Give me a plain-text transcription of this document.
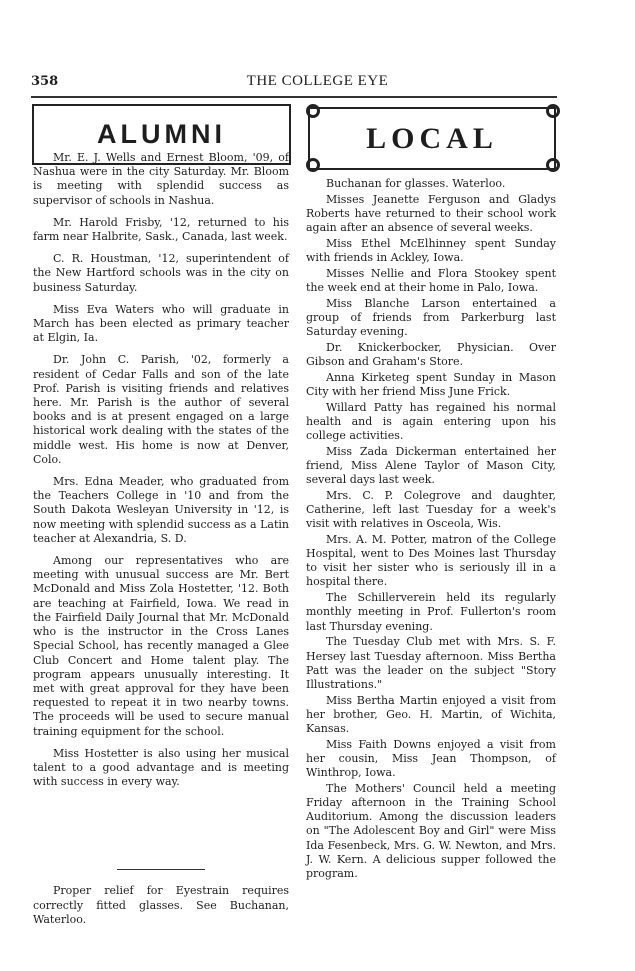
358	THE COLLEGE EYE
ALUMNI	LOCAL

Mr. E. J. Wells and Ernest Bloom, '09, of Nashua were in the city Saturday. Mr. Bloom is meeting with splendid success as supervisor of schools in Nashua.

Mr. Harold Frisby, '12, returned to his farm near Halbrite, Sask., Canada, last week.

C. R. Houstman, '12, superintendent of the New Hartford schools was in the city on business Saturday.

Miss Eva Waters who will graduate in March has been elected as primary teacher at Elgin, Ia.

Dr. John C. Parish, '02, formerly a resident of Cedar Falls and son of the late Prof. Parish is visiting friends and relatives here. Mr. Parish is the author of several books and is at present engaged on a large historical work dealing with the states of the middle west. His home is now at Denver, Colo.

Mrs. Edna Meader, who graduated from the Teachers College in '10 and from the South Dakota Wesleyan University in '12, is now meeting with splendid success as a Latin teacher at Alexandria, S. D.

Among our representatives who are meeting with unusual success are Mr. Bert McDonald and Miss Zola Hostetter, '12. Both are teaching at Fairfield, Iowa. We read in the Fairfield Daily Journal that Mr. McDonald who is the instructor in the Cross Lanes Special School, has recently managed a Glee Club Concert and Home talent play. The program appears unusually interesting. It met with great approval for they have been requested to repeat it in two nearby towns. The proceeds will be used to secure manual training equipment for the school.

Miss Hostetter is also using her musical talent to a good advantage and is meeting with success in every way.

Proper relief for Eyestrain requires correctly fitted glasses. See Buchanan, Waterloo.

Buchanan for glasses. Waterloo.

Misses Jeanette Ferguson and Gladys Roberts have returned to their school work again after an absence of several weeks.

Miss Ethel McElhinney spent Sunday with friends in Ackley, Iowa.

Misses Nellie and Flora Stookey spent the week end at their home in Palo, Iowa.

Miss Blanche Larson entertained a group of friends from Parkerburg last Saturday evening.

Dr. Knickerbocker, Physician. Over Gibson and Graham's Store.

Anna Kirketeg spent Sunday in Mason City with her friend Miss June Frick.

Willard Patty has regained his normal health and is again entering upon his college activities.

Miss Zada Dickerman entertained her friend, Miss Alene Taylor of Mason City, several days last week.

Mrs. C. P. Colegrove and daughter, Catherine, left last Tuesday for a week's visit with relatives in Osceola, Wis.

Mrs. A. M. Potter, matron of the College Hospital, went to Des Moines last Thursday to visit her sister who is seriously ill in a hospital there.

The Schillerverein held its regularly monthly meeting in Prof. Fullerton's room last Thursday evening.

The Tuesday Club met with Mrs. S. F. Hersey last Tuesday afternoon. Miss Bertha Patt was the leader on the subject "Story Illustrations."

Miss Bertha Martin enjoyed a visit from her brother, Geo. H. Martin, of Wichita, Kansas.

Miss Faith Downs enjoyed a visit from her cousin, Miss Jean Thompson, of Winthrop, Iowa.

The Mothers' Council held a meeting Friday afternoon in the Training School Auditorium. Among the discussion leaders on "The Adolescent Boy and Girl" were Miss Ida Fesenbeck, Mrs. G. W. Newton, and Mrs. J. W. Kern. A delicious supper followed the program.
